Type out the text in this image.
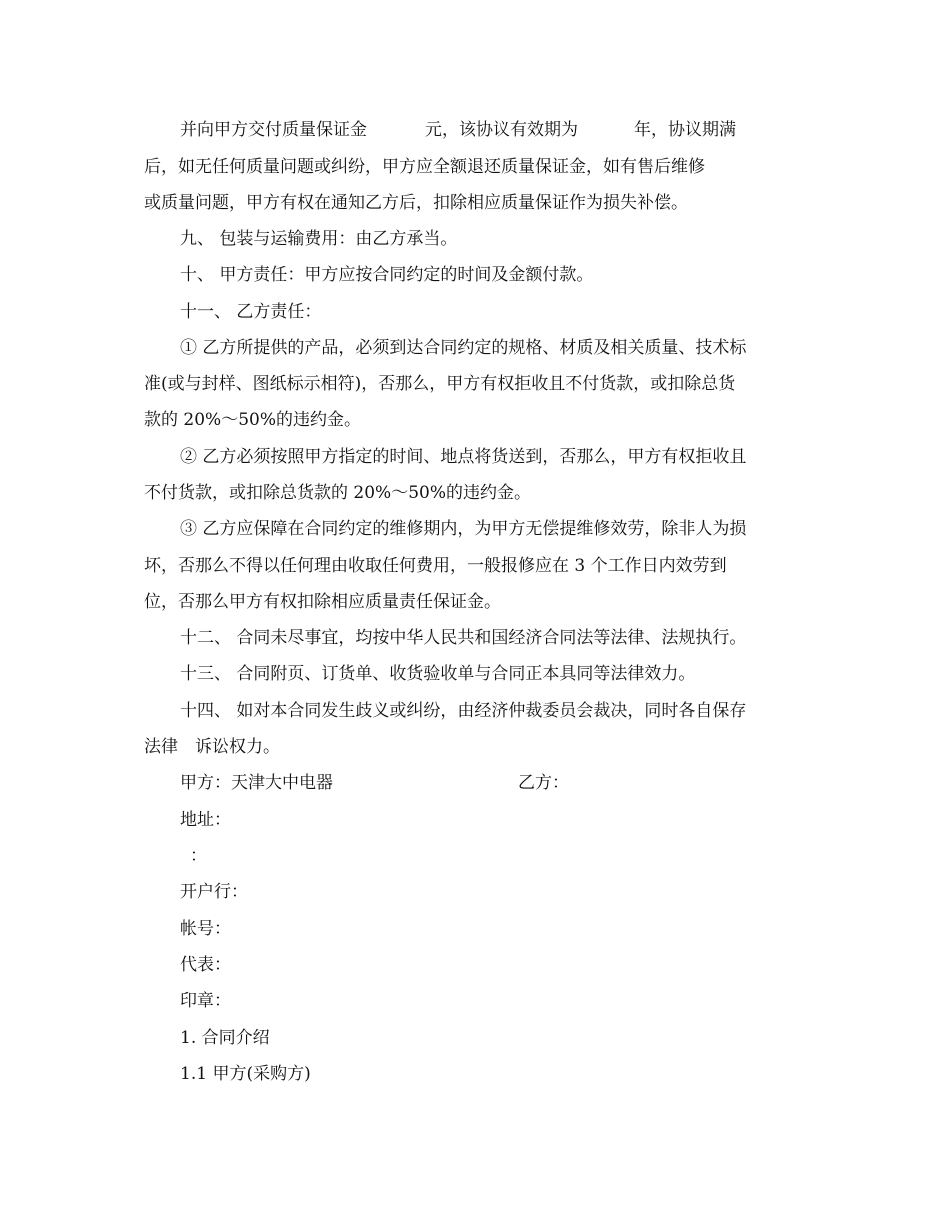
并向甲方交付质量保证金	元，该协议有效期为	年，协议期满
后，如无任何质量问题或纠纷，甲方应全额退还质量保证金，如有售后维修
或质量问题，甲方有权在通知乙方后，扣除相应质量保证作为损失补偿。
九、 包装与运输费用：由乙方承当。
十、 甲方责任：甲方应按合同约定的时间及金额付款。
十一、 乙方责任：
① 乙方所提供的产品，必须到达合同约定的规格、材质及相关质量、技术标
准(或与封样、图纸标示相符)，否那么，甲方有权拒收且不付货款，或扣除总货
款的 20%～50%的违约金。
② 乙方必须按照甲方指定的时间、地点将货送到，否那么，甲方有权拒收且
不付货款，或扣除总货款的 20%～50%的违约金。
③ 乙方应保障在合同约定的维修期内，为甲方无偿提维修效劳，除非人为损
坏，否那么不得以任何理由收取任何费用，一般报修应在 3 个工作日内效劳到
位，否那么甲方有权扣除相应质量责任保证金。
十二、 合同未尽事宜，均按中华人民共和国经济合同法等法律、法规执行。
十三、 合同附页、订货单、收货验收单与合同正本具同等法律效力。
十四、 如对本合同发生歧义或纠纷，由经济仲裁委员会裁决，同时各自保存
法律　诉讼权力。
甲方：天津大中电器	乙方：
地址：
：
开户行：
帐号：
代表：
印章：
1. 合同介绍
1.1 甲方(采购方)
